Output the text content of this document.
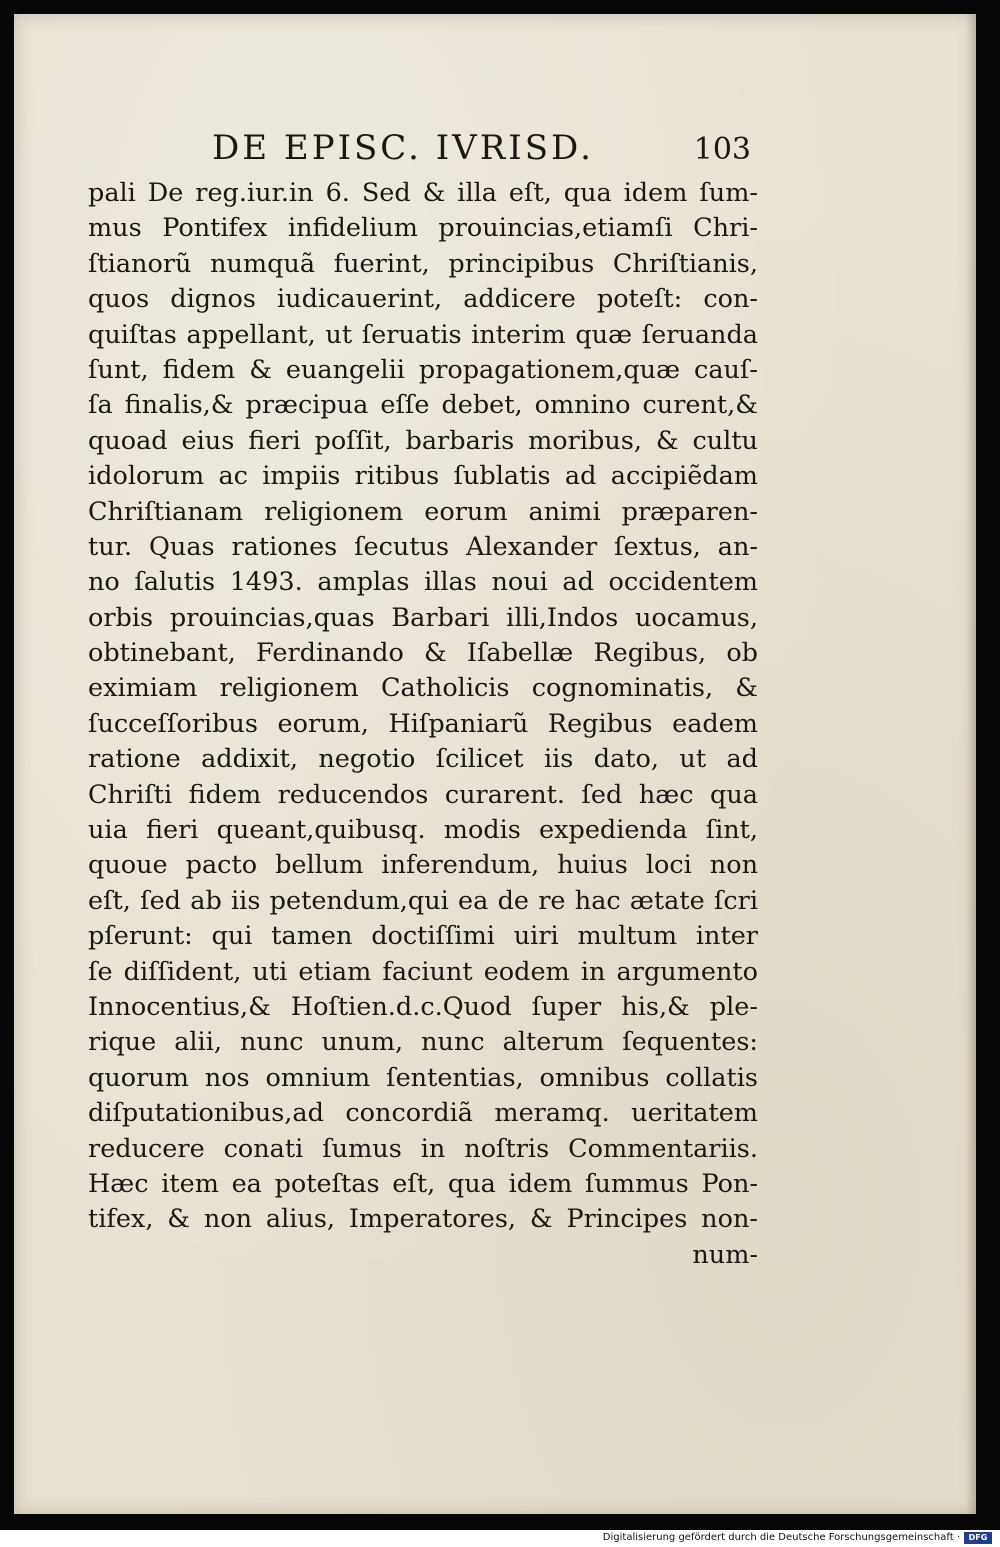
DE EPISC. IVRISD.	103
pali De reg.iur.in 6. Sed & illa eſt, qua idem ſum-
mus Pontifex infidelium prouincias,etiamſi Chri-
ſtianorũ numquã fuerint, principibus Chriſtianis,
quos dignos iudicauerint, addicere poteſt: con-
quiſtas appellant, ut ſeruatis interim quæ ſeruanda
ſunt, fidem & euangelii propagationem,quæ cauſ-
ſa finalis,& præcipua eſſe debet, omnino curent,&
quoad eius fieri poſſit, barbaris moribus, & cultu
idolorum ac impiis ritibus ſublatis ad accipiẽdam
Chriſtianam religionem eorum animi præparen-
tur. Quas rationes ſecutus Alexander ſextus, an-
no ſalutis 1493. amplas illas noui ad occidentem
orbis prouincias,quas Barbari illi,Indos uocamus,
obtinebant, Ferdinando & Iſabellæ Regibus, ob
eximiam religionem Catholicis cognominatis, &
ſucceſſoribus eorum, Hiſpaniarũ Regibus eadem
ratione addixit, negotio ſcilicet iis dato, ut ad
Chriſti fidem reducendos curarent. ſed hæc qua
uia fieri queant,quibusq. modis expedienda ſint,
quoue pacto bellum inferendum, huius loci non
eſt, ſed ab iis petendum,qui ea de re hac ætate ſcri
pſerunt: qui tamen doctiſſimi uiri multum inter
ſe diſſident, uti etiam faciunt eodem in argumento
Innocentius,& Hoſtien.d.c.Quod ſuper his,& ple-
rique alii, nunc unum, nunc alterum ſequentes:
quorum nos omnium ſententias, omnibus collatis
diſputationibus,ad concordiã meramq. ueritatem
reducere conati ſumus in noſtris Commentariis.
Hæc item ea poteſtas eſt, qua idem ſummus Pon-
tifex, & non alius, Imperatores, & Principes non-
num-
Digitalisierung gefördert durch die Deutsche Forschungsgemeinschaft ·	DFG
